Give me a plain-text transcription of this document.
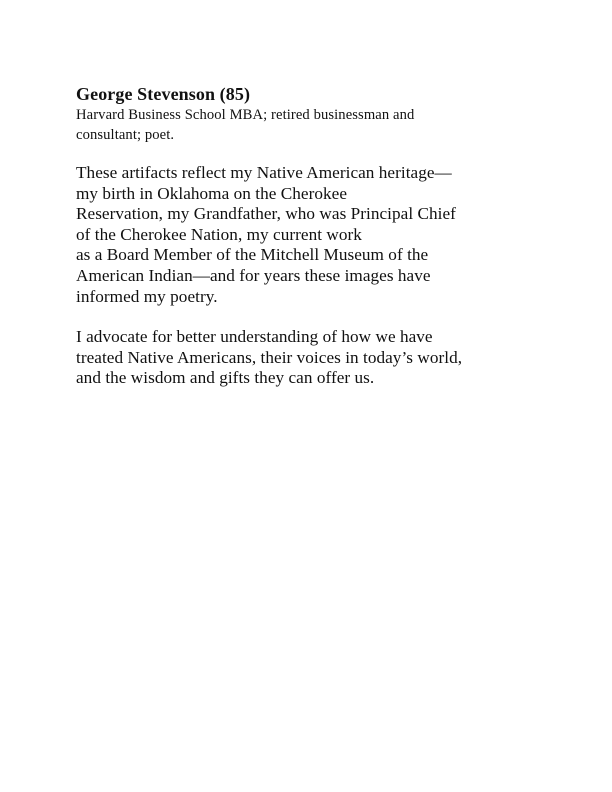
George Stevenson (85)

Harvard Business School MBA; retired businessman and
consultant; poet.

These artifacts reflect my Native American heritage—
my birth in Oklahoma on the Cherokee
Reservation, my Grandfather, who was Principal Chief
of the Cherokee Nation, my current work
as a Board Member of the Mitchell Museum of the
American Indian—and for years these images have
informed my poetry.

I advocate for better understanding of how we have
treated Native Americans, their voices in today’s world,
and the wisdom and gifts they can offer us.
